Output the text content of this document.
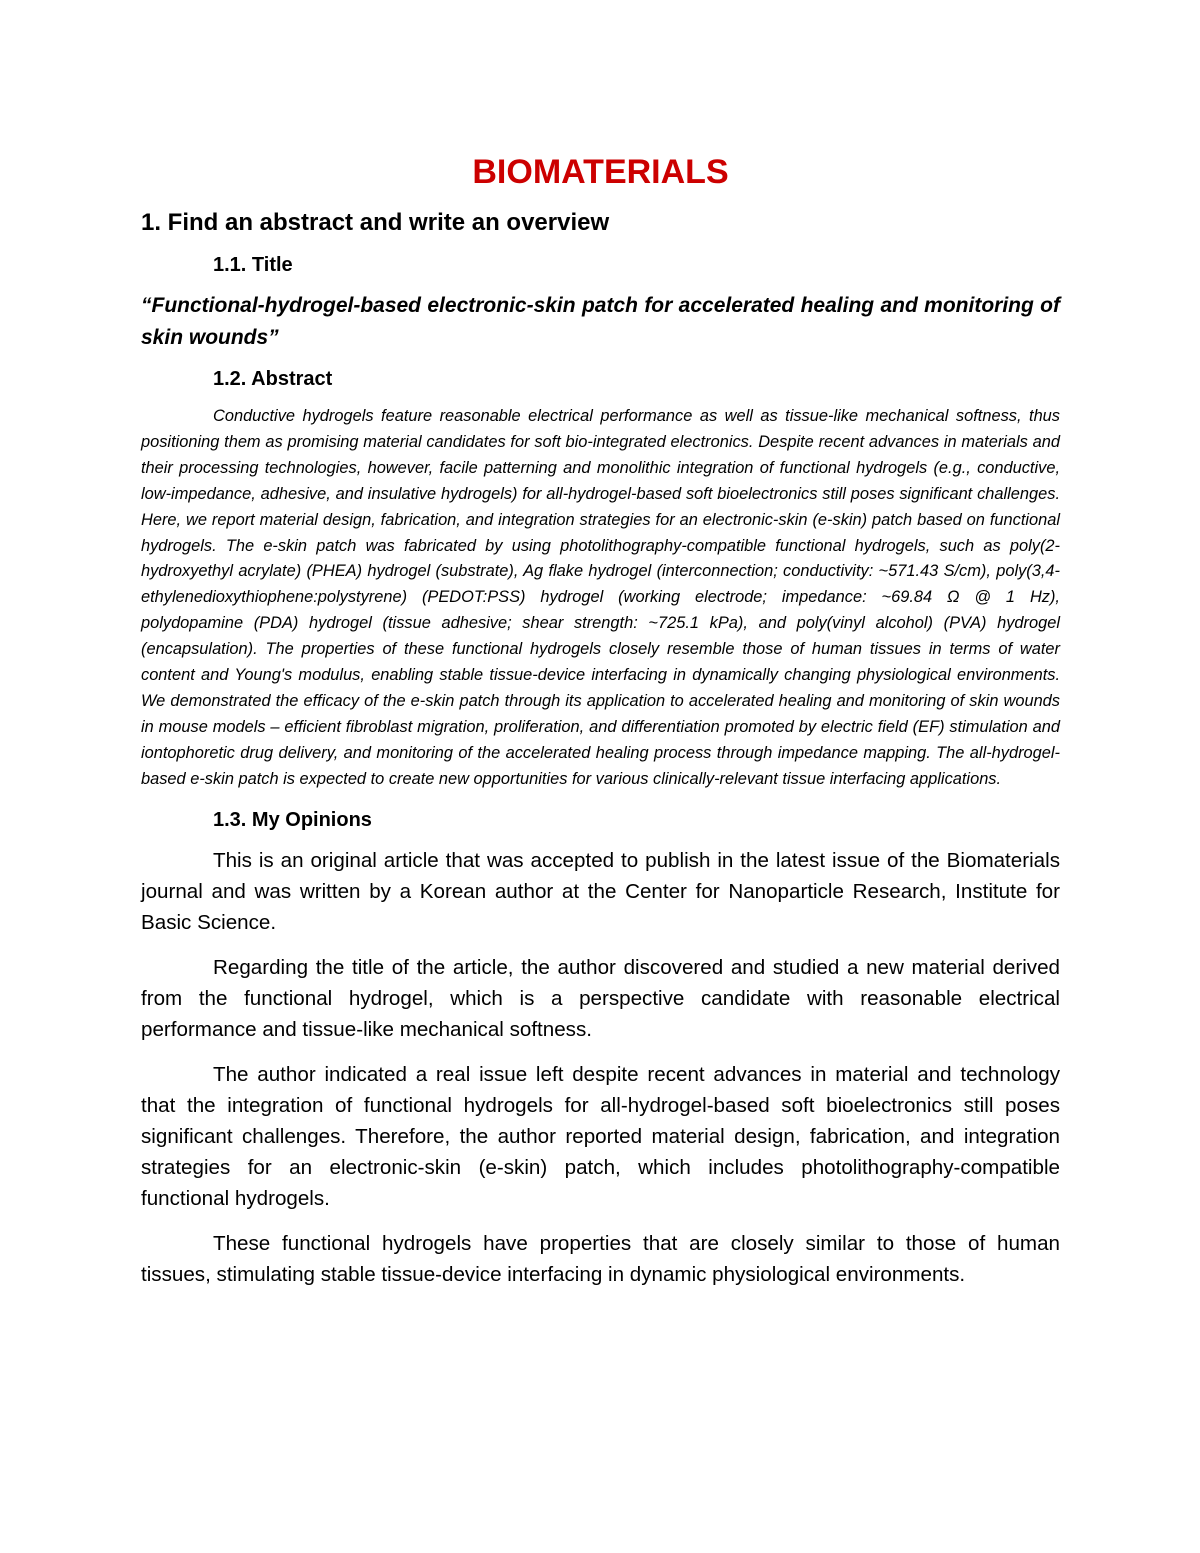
BIOMATERIALS
1. Find an abstract and write an overview
1.1. Title
“Functional-hydrogel-based electronic-skin patch for accelerated healing and monitoring of skin wounds”
1.2. Abstract
Conductive hydrogels feature reasonable electrical performance as well as tissue-like mechanical softness, thus positioning them as promising material candidates for soft bio-integrated electronics. Despite recent advances in materials and their processing technologies, however, facile patterning and monolithic integration of functional hydrogels (e.g., conductive, low-impedance, adhesive, and insulative hydrogels) for all-hydrogel-based soft bioelectronics still poses significant challenges. Here, we report material design, fabrication, and integration strategies for an electronic-skin (e-skin) patch based on functional hydrogels. The e-skin patch was fabricated by using photolithography-compatible functional hydrogels, such as poly(2-hydroxyethyl acrylate) (PHEA) hydrogel (substrate), Ag flake hydrogel (interconnection; conductivity: ~571.43 S/cm), poly(3,4-ethylenedioxythiophene:polystyrene) (PEDOT:PSS) hydrogel (working electrode; impedance: ~69.84 Ω @ 1 Hz), polydopamine (PDA) hydrogel (tissue adhesive; shear strength: ~725.1 kPa), and poly(vinyl alcohol) (PVA) hydrogel (encapsulation). The properties of these functional hydrogels closely resemble those of human tissues in terms of water content and Young's modulus, enabling stable tissue-device interfacing in dynamically changing physiological environments. We demonstrated the efficacy of the e-skin patch through its application to accelerated healing and monitoring of skin wounds in mouse models – efficient fibroblast migration, proliferation, and differentiation promoted by electric field (EF) stimulation and iontophoretic drug delivery, and monitoring of the accelerated healing process through impedance mapping. The all-hydrogel-based e-skin patch is expected to create new opportunities for various clinically-relevant tissue interfacing applications.
1.3. My Opinions

This is an original article that was accepted to publish in the latest issue of the Biomaterials journal and was written by a Korean author at the Center for Nanoparticle Research, Institute for Basic Science.

Regarding the title of the article, the author discovered and studied a new material derived from the functional hydrogel, which is a perspective candidate with reasonable electrical performance and tissue-like mechanical softness.

The author indicated a real issue left despite recent advances in material and technology that the integration of functional hydrogels for all-hydrogel-based soft bioelectronics still poses significant challenges. Therefore, the author reported material design, fabrication, and integration strategies for an electronic-skin (e-skin) patch, which includes photolithography-compatible functional hydrogels.

These functional hydrogels have properties that are closely similar to those of human tissues, stimulating stable tissue-device interfacing in dynamic physiological environments.
